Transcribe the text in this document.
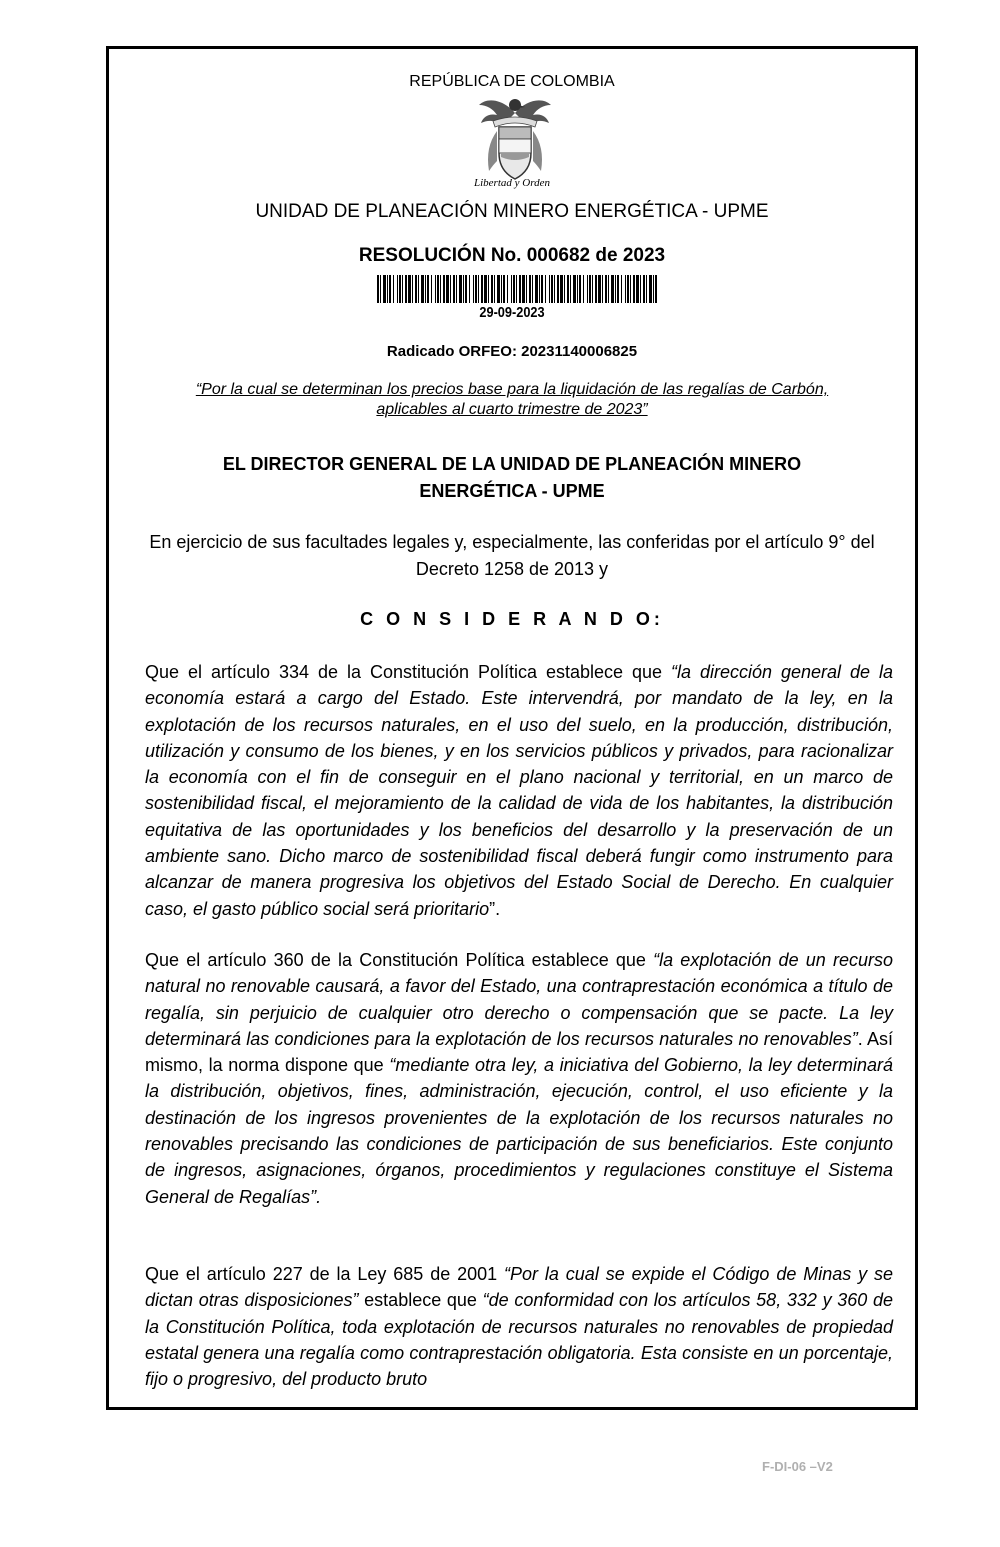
REPÚBLICA DE COLOMBIA
Libertad y Orden
UNIDAD DE PLANEACIÓN MINERO ENERGÉTICA - UPME
RESOLUCIÓN No. 000682 de 2023
29-09-2023
Radicado ORFEO: 20231140006825
“Por la cual se determinan los precios base para la liquidación de las regalías de Carbón, aplicables al cuarto trimestre de 2023”
EL DIRECTOR GENERAL DE LA UNIDAD DE PLANEACIÓN MINERO ENERGÉTICA - UPME
En ejercicio de sus facultades legales y, especialmente, las conferidas por el artículo 9° del Decreto 1258 de 2013 y
C O N S I D E R A N D O:
Que el artículo 334 de la Constitución Política establece que “la dirección general de la economía estará a cargo del Estado. Este intervendrá, por mandato de la ley, en la explotación de los recursos naturales, en el uso del suelo, en la producción, distribución, utilización y consumo de los bienes, y en los servicios públicos y privados, para racionalizar la economía con el fin de conseguir en el plano nacional y territorial, en un marco de sostenibilidad fiscal, el mejoramiento de la calidad de vida de los habitantes, la distribución equitativa de las oportunidades y los beneficios del desarrollo y la preservación de un ambiente sano. Dicho marco de sostenibilidad fiscal deberá fungir como instrumento para alcanzar de manera progresiva los objetivos del Estado Social de Derecho. En cualquier caso, el gasto público social será prioritario”.
Que el artículo 360 de la Constitución Política establece que “la explotación de un recurso natural no renovable causará, a favor del Estado, una contraprestación económica a título de regalía, sin perjuicio de cualquier otro derecho o compensación que se pacte. La ley determinará las condiciones para la explotación de los recursos naturales no renovables”. Así mismo, la norma dispone que “mediante otra ley, a iniciativa del Gobierno, la ley determinará la distribución, objetivos, fines, administración, ejecución, control, el uso eficiente y la destinación de los ingresos provenientes de la explotación de los recursos naturales no renovables precisando las condiciones de participación de sus beneficiarios. Este conjunto de ingresos, asignaciones, órganos, procedimientos y regulaciones constituye el Sistema General de Regalías”.
Que el artículo 227 de la Ley 685 de 2001 “Por la cual se expide el Código de Minas y se dictan otras disposiciones” establece que “de conformidad con los artículos 58, 332 y 360 de la Constitución Política, toda explotación de recursos naturales no renovables de propiedad estatal genera una regalía como contraprestación obligatoria. Esta consiste en un porcentaje, fijo o progresivo, del producto bruto
F-DI-06 –V2
